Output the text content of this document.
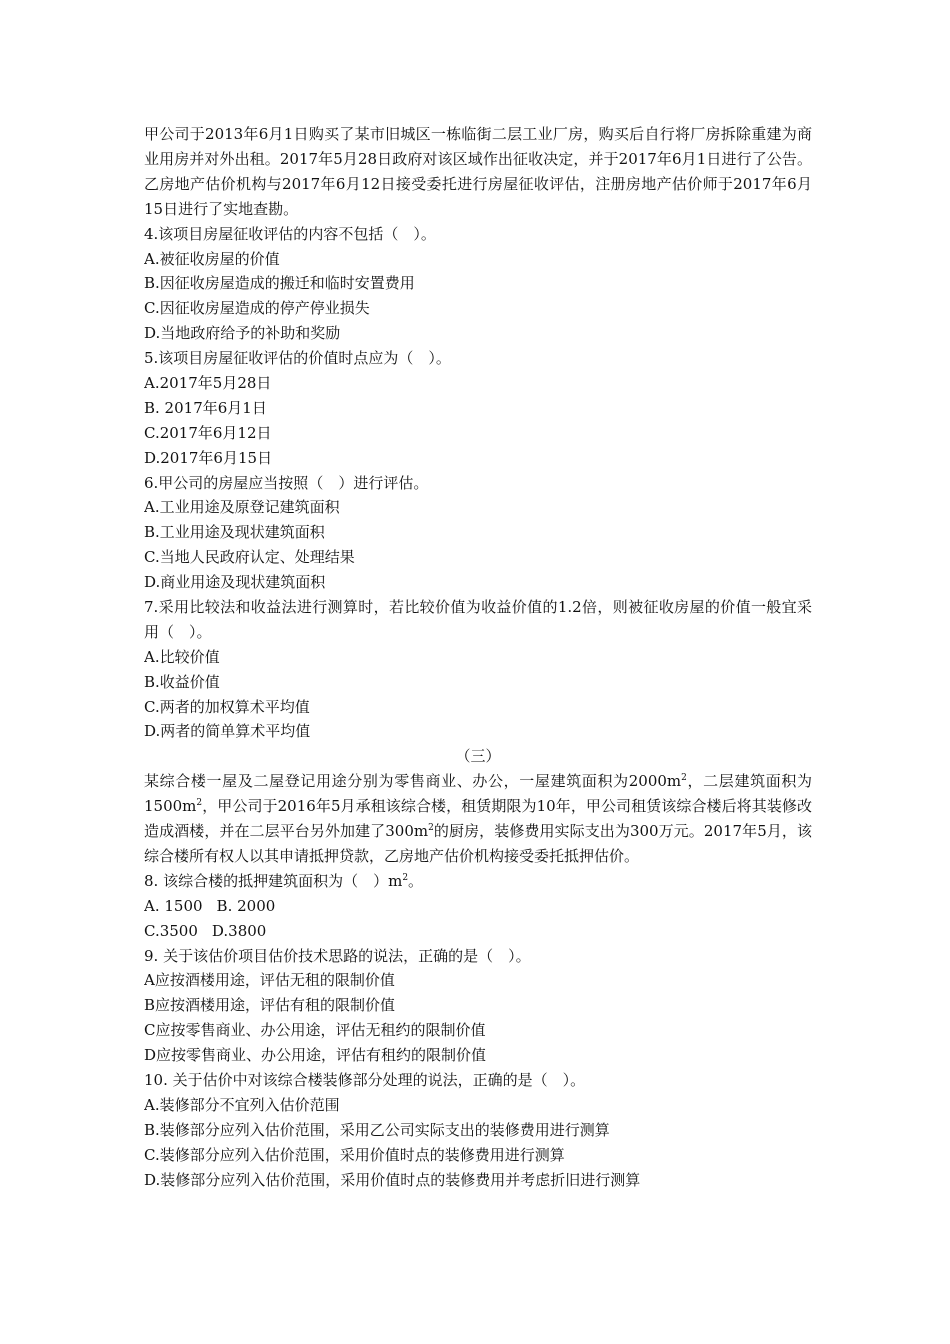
甲公司于2013年6月1日购买了某市旧城区一栋临街二层工业厂房，购买后自行将厂房拆除重建为商业用房并对外出租。2017年5月28日政府对该区域作出征收决定，并于2017年6月1日进行了公告。乙房地产估价机构与2017年6月12日接受委托进行房屋征收评估，注册房地产估价师于2017年6月15日进行了实地查勘。
4.该项目房屋征收评估的内容不包括（　）。
A.被征收房屋的价值
B.因征收房屋造成的搬迁和临时安置费用
C.因征收房屋造成的停产停业损失
D.当地政府给予的补助和奖励
5.该项目房屋征收评估的价值时点应为（　）。
A.2017年5月28日
B. 2017年6月1日
C.2017年6月12日
D.2017年6月15日
6.甲公司的房屋应当按照（　）进行评估。
A.工业用途及原登记建筑面积
B.工业用途及现状建筑面积
C.当地人民政府认定、处理结果
D.商业用途及现状建筑面积
7.采用比较法和收益法进行测算时，若比较价值为收益价值的1.2倍，则被征收房屋的价值一般宜采用（　）。
A.比较价值
B.收益价值
C.两者的加权算术平均值
D.两者的简单算术平均值
（三）
某综合楼一屋及二屋登记用途分别为零售商业、办公，一屋建筑面积为$2000m^2$，二层建筑面积为$1500m^2$，甲公司于2016年5月承租该综合楼，租赁期限为10年，甲公司租赁该综合楼后将其装修改造成酒楼，并在二层平台另外加建了$300m^2$的厨房，装修费用实际支出为300万元。2017年5月，该综合楼所有权人以其申请抵押贷款，乙房地产估价机构接受委托抵押估价。
8. 该综合楼的抵押建筑面积为（　）$m^2$。
A. 1500 B. 2000
C.3500 D.3800
9. 关于该估价项目估价技术思路的说法，正确的是（　）。
A应按酒楼用途，评估无租的限制价值
B应按酒楼用途，评估有租的限制价值
C应按零售商业、办公用途，评估无租约的限制价值
D应按零售商业、办公用途，评估有租约的限制价值
10. 关于估价中对该综合楼装修部分处理的说法，正确的是（　）。
A.装修部分不宜列入估价范围
B.装修部分应列入估价范围，采用乙公司实际支出的装修费用进行测算
C.装修部分应列入估价范围，采用价值时点的装修费用进行测算
D.装修部分应列入估价范围，采用价值时点的装修费用并考虑折旧进行测算
